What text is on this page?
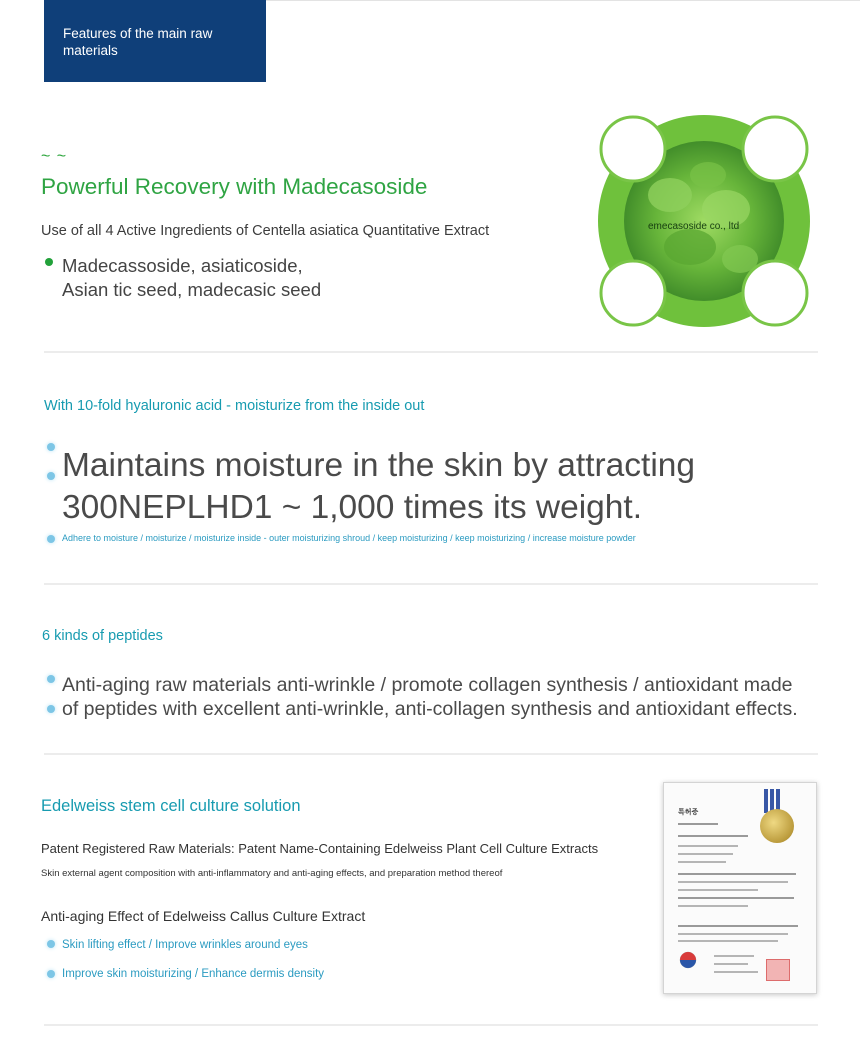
Features of the main raw materials
~ ~
Powerful Recovery with Madecasoside
Use of all 4 Active Ingredients of Centella asiatica Quantitative Extract
Madecassoside, asiaticoside,
Asian tic seed, madecasic seed
emecasoside co., ltd
With 10-fold hyaluronic acid - moisturize from the inside out
Maintains moisture in the skin by attracting
300NEPLHD1 ~ 1,000 times its weight.
Adhere to moisture / moisturize / moisturize inside - outer moisturizing shroud / keep moisturizing / keep moisturizing / increase moisture powder
6 kinds of peptides
Anti-aging raw materials anti-wrinkle / promote collagen synthesis / antioxidant made
of peptides with excellent anti-wrinkle, anti-collagen synthesis and antioxidant effects.
Edelweiss stem cell culture solution
Patent Registered Raw Materials: Patent Name-Containing Edelweiss Plant Cell Culture Extracts
Skin external agent composition with anti-inflammatory and anti-aging effects, and preparation method thereof
Anti-aging Effect of Edelweiss Callus Culture Extract
Skin lifting effect / Improve wrinkles around eyes
Improve skin moisturizing / Enhance dermis density
특허증
